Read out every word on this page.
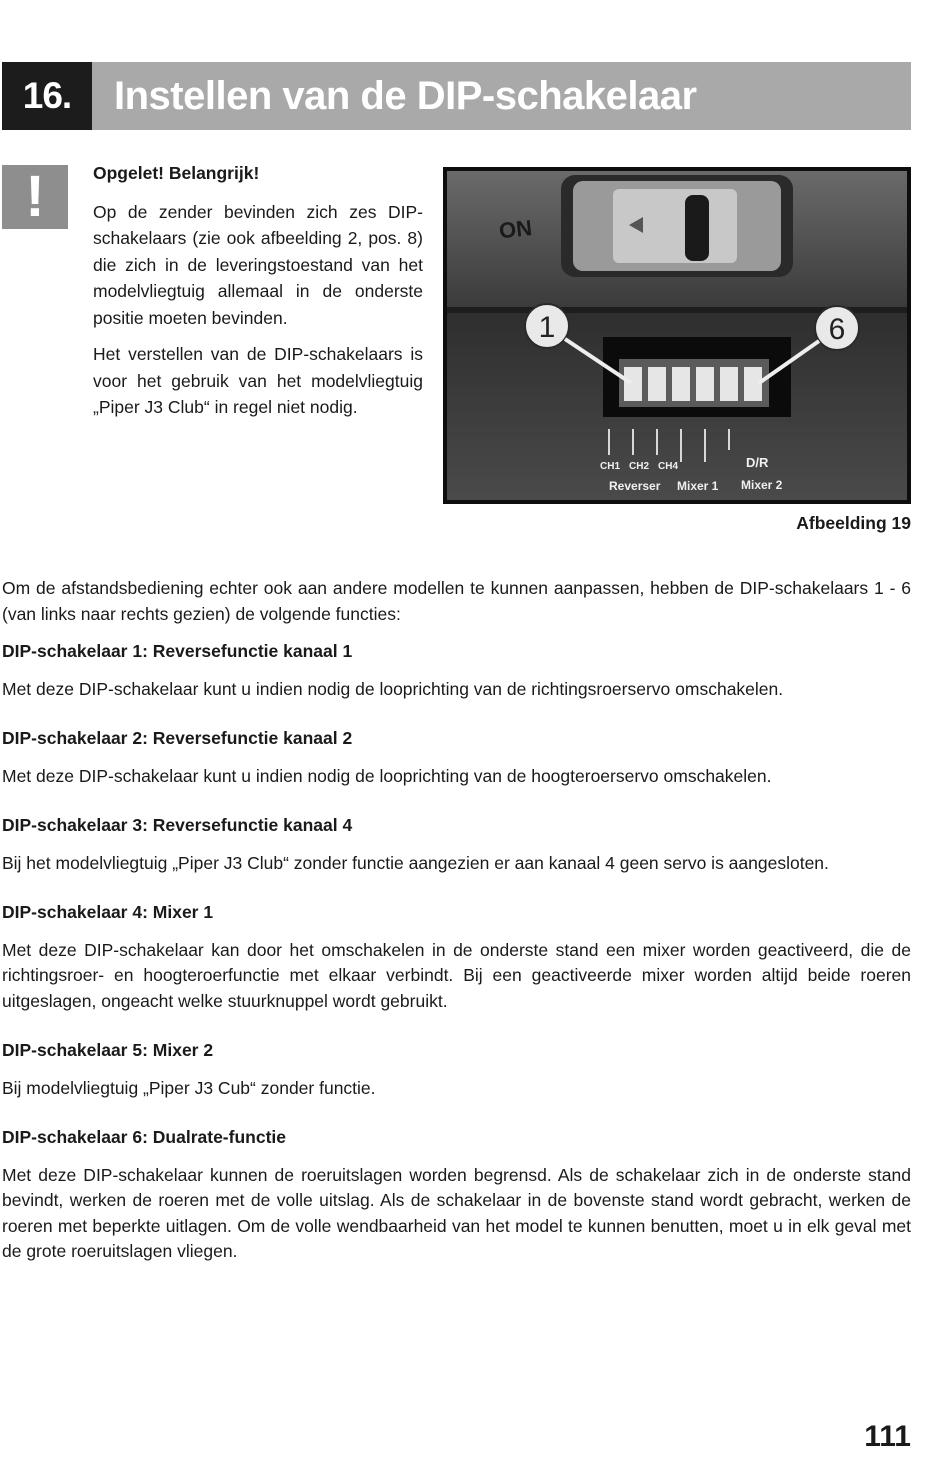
16.	Instellen van de DIP-schakelaar
!	Opgelet! Belangrijk!

Op de zender bevinden zich zes DIP-schakelaars (zie ook afbeelding 2, pos. 8) die zich in de leveringstoestand van het modelvliegtuig allemaal in de onderste positie moeten bevinden.

Het verstellen van de DIP-schakelaars is voor het gebruik van het modelvliegtuig „Piper J3 Club“ in regel niet nodig.

ON
1	6
CH1 CH2 CH4	D/R
Reverser Mixer 1 Mixer 2
Afbeelding 19

Om de afstandsbediening echter ook aan andere modellen te kunnen aanpassen, hebben de DIP-schakelaars 1 - 6 (van links naar rechts gezien) de volgende functies:

DIP-schakelaar 1: Reversefunctie kanaal 1

Met deze DIP-schakelaar kunt u indien nodig de looprichting van de richtingsroerservo omschakelen.

DIP-schakelaar 2: Reversefunctie kanaal 2

Met deze DIP-schakelaar kunt u indien nodig de looprichting van de hoogteroerservo omschakelen.

DIP-schakelaar 3: Reversefunctie kanaal 4

Bij het modelvliegtuig „Piper J3 Club“ zonder functie aangezien er aan kanaal 4 geen servo is aangesloten.

DIP-schakelaar 4: Mixer 1

Met deze DIP-schakelaar kan door het omschakelen in de onderste stand een mixer worden geactiveerd, die de richtingsroer- en hoogteroerfunctie met elkaar verbindt. Bij een geactiveerde mixer worden altijd beide roeren uitgeslagen, ongeacht welke stuurknuppel wordt gebruikt.

DIP-schakelaar 5: Mixer 2

Bij modelvliegtuig „Piper J3 Cub“ zonder functie.

DIP-schakelaar 6: Dualrate-functie

Met deze DIP-schakelaar kunnen de roeruitslagen worden begrensd. Als de schakelaar zich in de onderste stand bevindt, werken de roeren met de volle uitslag. Als de schakelaar in de bovenste stand wordt gebracht, werken de roeren met beperkte uitlagen. Om de volle wendbaarheid van het model te kunnen benutten, moet u in elk geval met de grote roeruitslagen vliegen.

111
